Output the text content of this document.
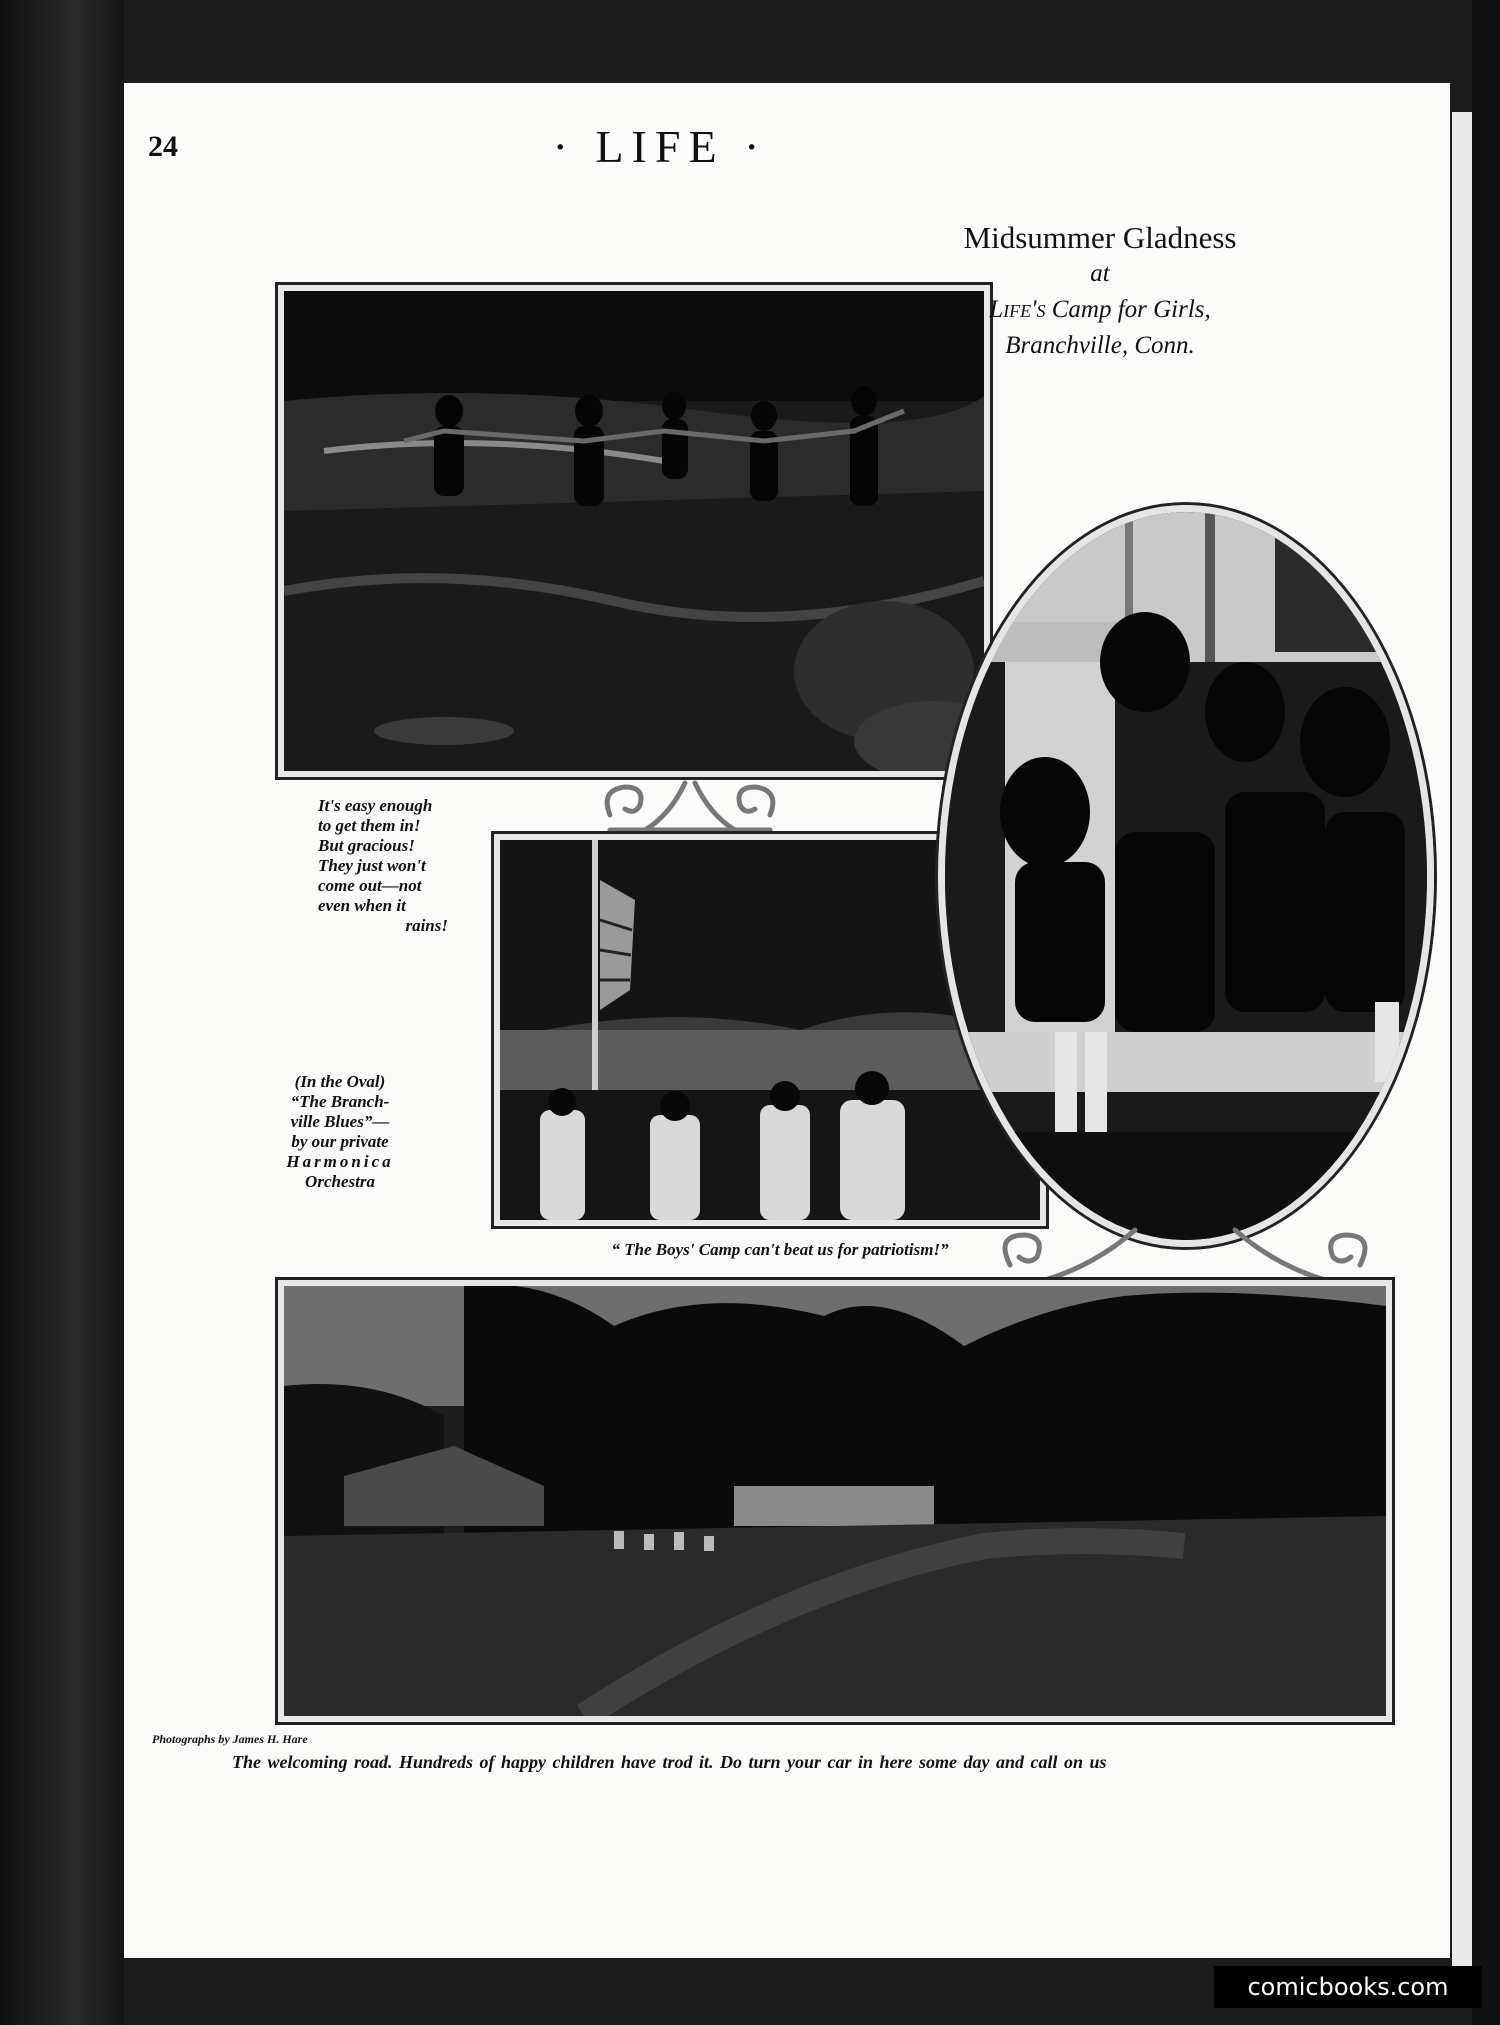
24	· LIFE ·
Midsummer Gladness
at
Life's Camp for Girls,
Branchville, Conn.
It's easy enough
to get them in!
But gracious!
They just won't
come out—not
even when it
rains!
(In the Oval)
“The Branch-
ville Blues”—
by our private
Harmonica
Orchestra
“ The Boys' Camp can't beat us for patriotism!”
Photographs by James H. Hare
The welcoming road. Hundreds of happy children have trod it. Do turn your car in here some day and call on us
comicbooks.com
